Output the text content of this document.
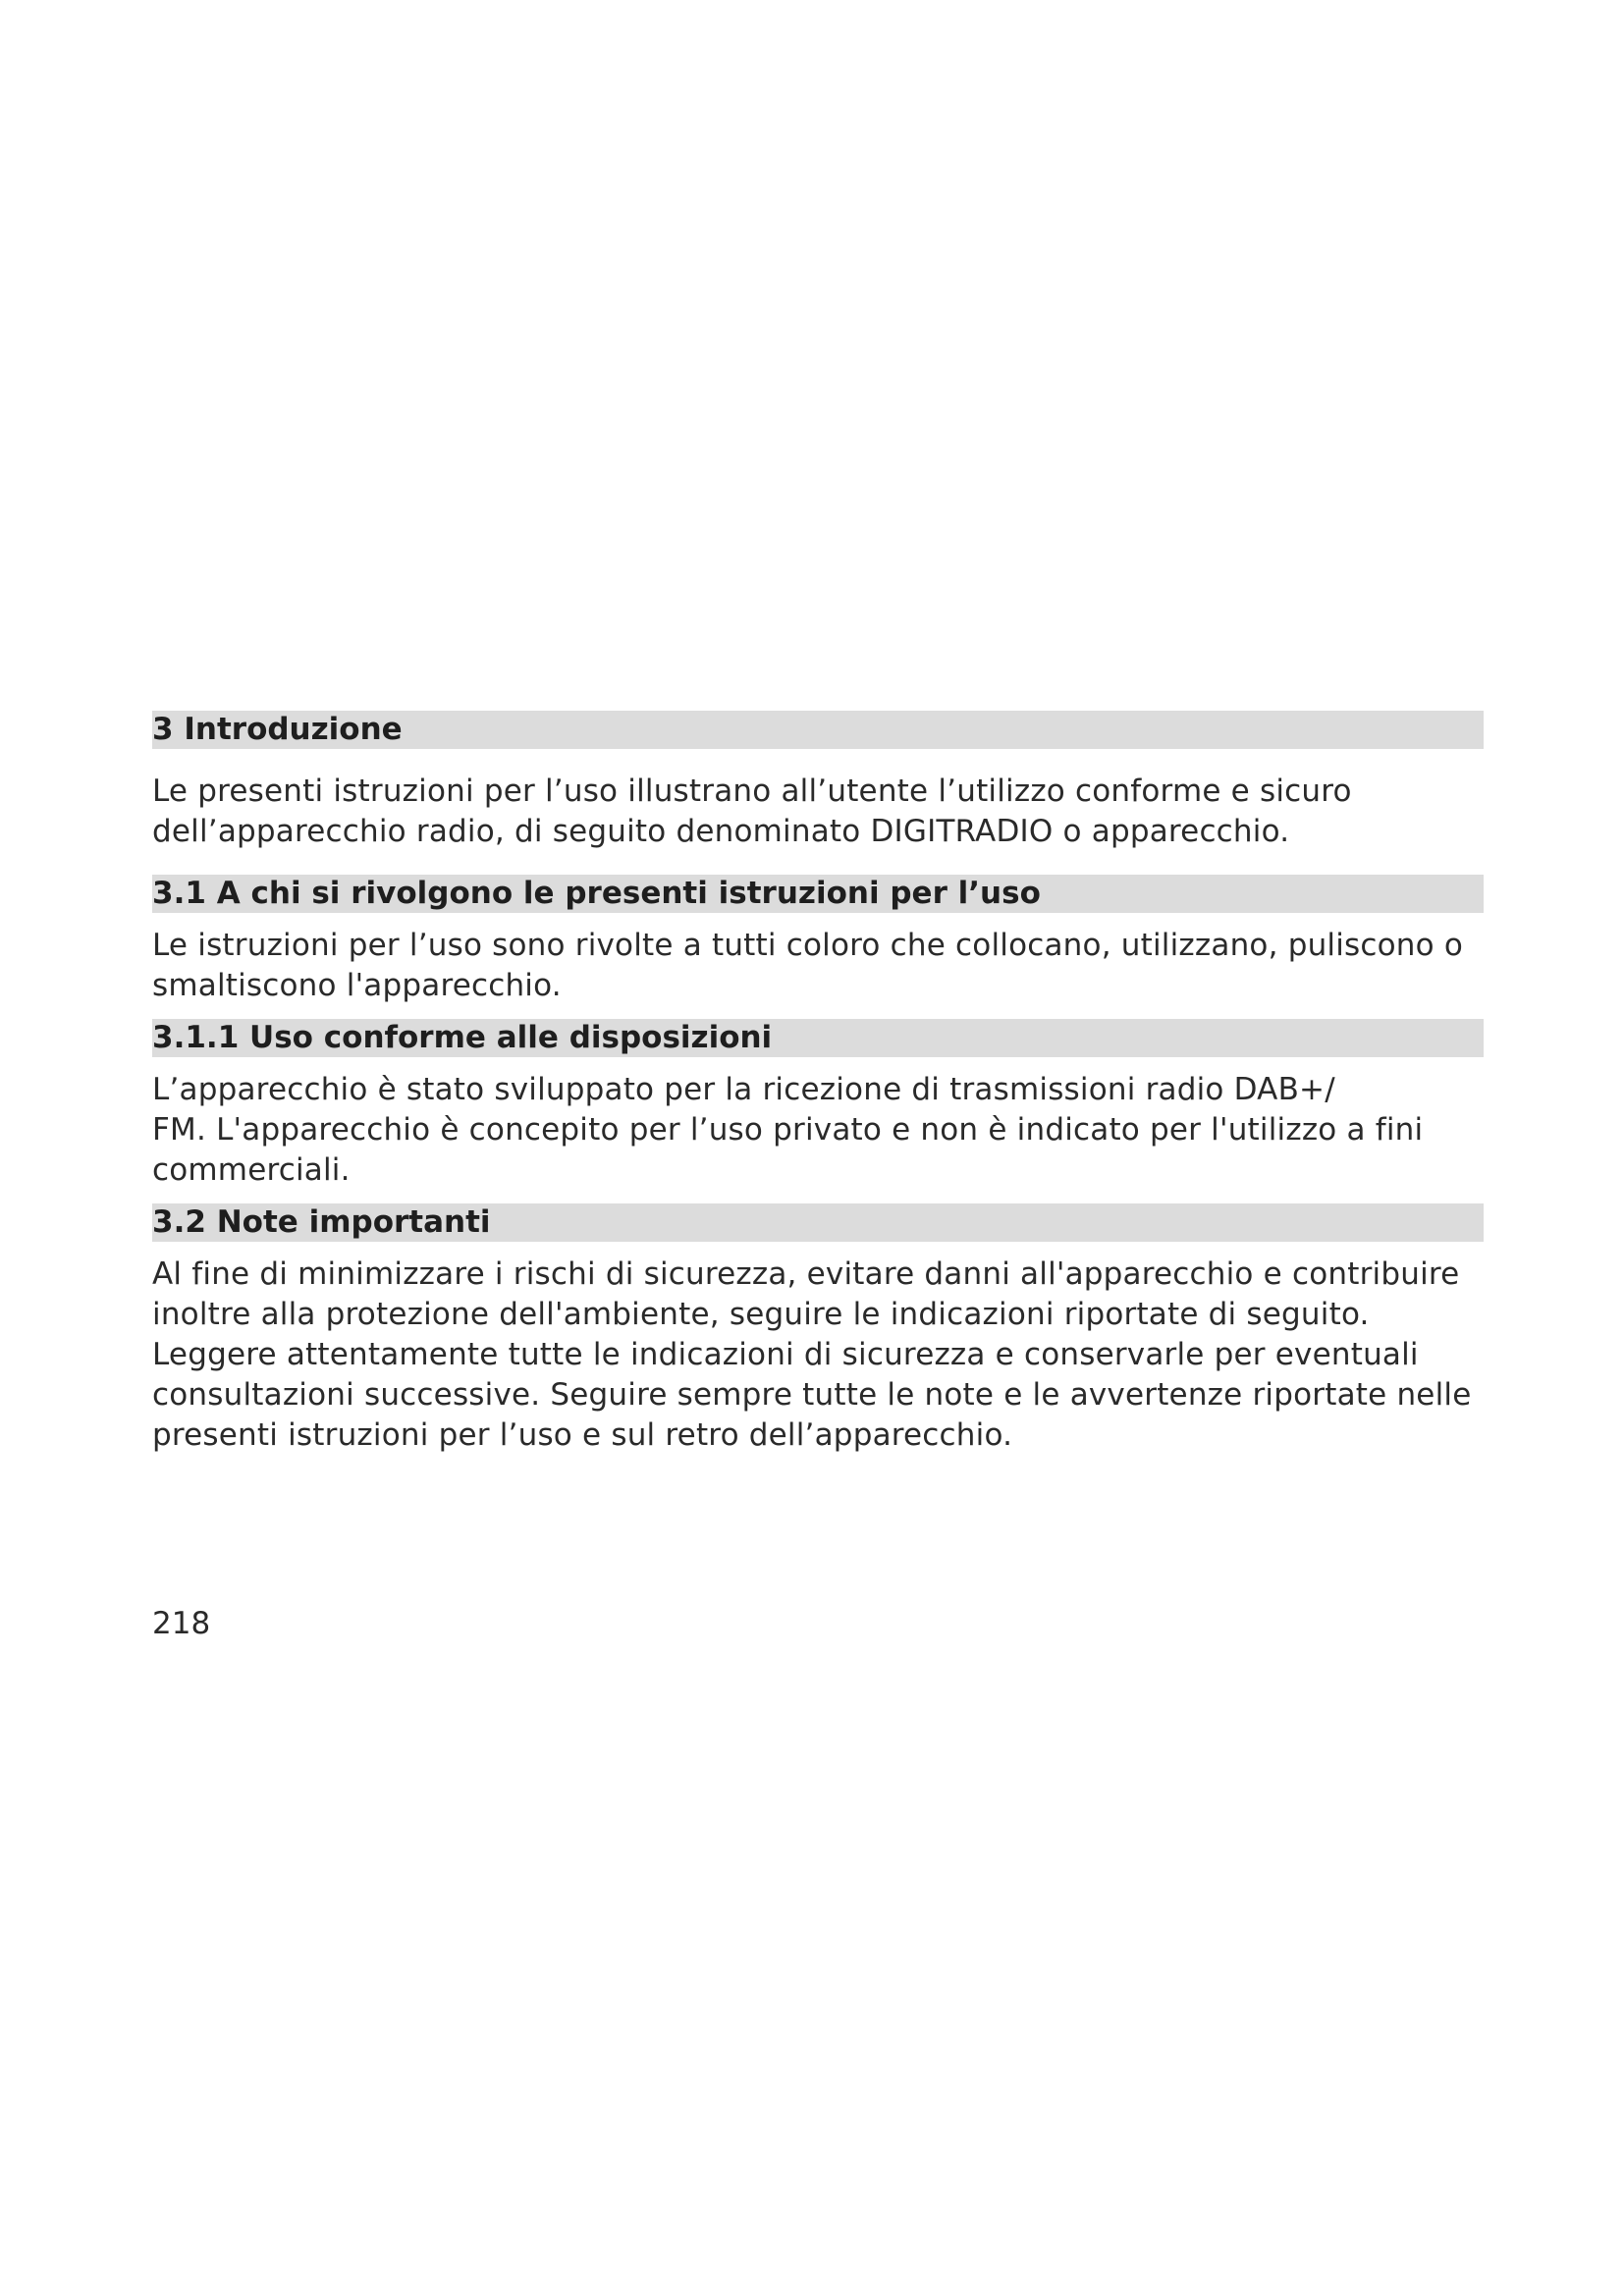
3 Introduzione

Le presenti istruzioni per l’uso illustrano all’utente l’utilizzo conforme e sicuro
dell’apparecchio radio, di seguito denominato DIGITRADIO o apparecchio.

3.1 A chi si rivolgono le presenti istruzioni per l’uso

Le istruzioni per l’uso sono rivolte a tutti coloro che collocano, utilizzano, puliscono o
smaltiscono l'apparecchio.

3.1.1 Uso conforme alle disposizioni

L’apparecchio è stato sviluppato per la ricezione di trasmissioni radio DAB+/
FM. L'apparecchio è concepito per l’uso privato e non è indicato per l'utilizzo a fini
commerciali.

3.2 Note importanti

Al fine di minimizzare i rischi di sicurezza, evitare danni all'apparecchio e contribuire
inoltre alla protezione dell'ambiente, seguire le indicazioni riportate di seguito.
Leggere attentamente tutte le indicazioni di sicurezza e conservarle per eventuali
consultazioni successive. Seguire sempre tutte le note e le avvertenze riportate nelle
presenti istruzioni per l’uso e sul retro dell’apparecchio.

218
